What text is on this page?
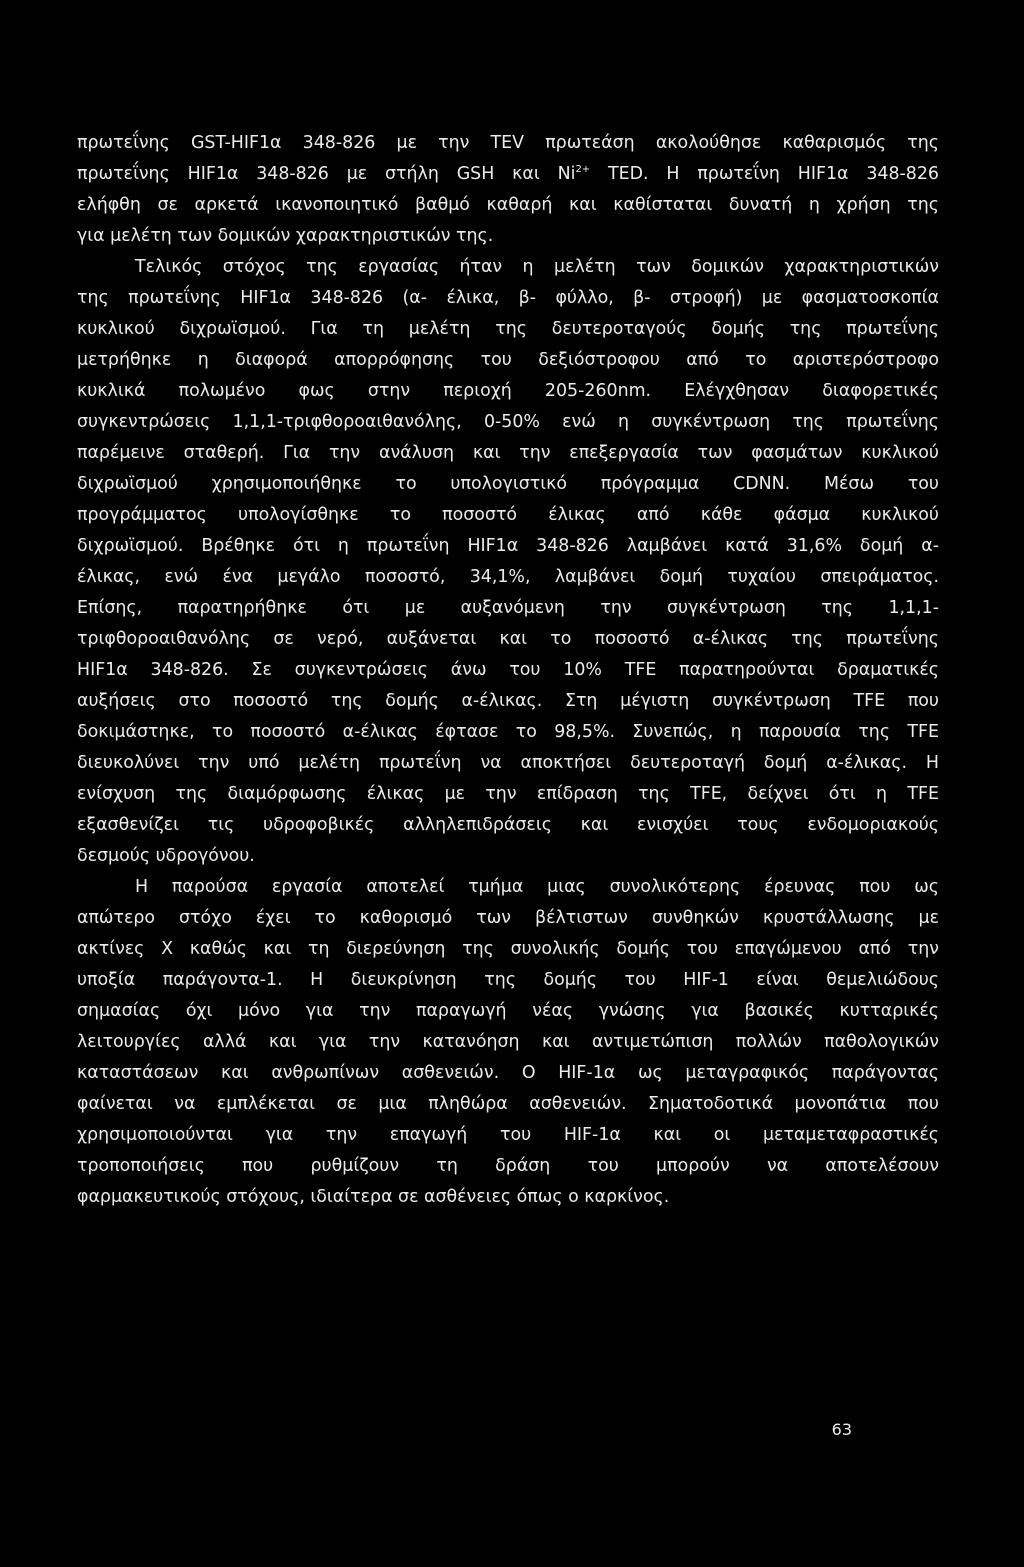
πρωτεΐνης GST-HIF1α 348-826 με την TEV πρωτεάση ακολούθησε καθαρισμός της
πρωτεΐνης HIF1α 348-826 με στήλη GSH και $Ni^{2+}$ TED. Η πρωτεΐνη HIF1α 348-826
ελήφθη σε αρκετά ικανοποιητικό βαθμό καθαρή και καθίσταται δυνατή η χρήση της
για μελέτη των δομικών χαρακτηριστικών της.
Τελικός στόχος της εργασίας ήταν η μελέτη των δομικών χαρακτηριστικών
της πρωτεΐνης HIF1α 348-826 (α- έλικα, β- φύλλο, β- στροφή) με φασματοσκοπία
κυκλικού διχρωϊσμού. Για τη μελέτη της δευτεροταγούς δομής της πρωτεΐνης
μετρήθηκε η διαφορά απορρόφησης του δεξιόστροφου από το αριστερόστροφο
κυκλικά πολωμένο φως στην περιοχή 205-260nm. Ελέγχθησαν διαφορετικές
συγκεντρώσεις 1,1,1-τριφθοροαιθανόλης, 0-50% ενώ η συγκέντρωση της πρωτεΐνης
παρέμεινε σταθερή. Για την ανάλυση και την επεξεργασία των φασμάτων κυκλικού
διχρωϊσμού χρησιμοποιήθηκε το υπολογιστικό πρόγραμμα CDNN. Μέσω του
προγράμματος υπολογίσθηκε το ποσοστό έλικας από κάθε φάσμα κυκλικού
διχρωϊσμού. Βρέθηκε ότι η πρωτεΐνη HIF1α 348-826 λαμβάνει κατά 31,6% δομή α-
έλικας, ενώ ένα μεγάλο ποσοστό, 34,1%, λαμβάνει δομή τυχαίου σπειράματος.
Επίσης, παρατηρήθηκε ότι με αυξανόμενη την συγκέντρωση της 1,1,1-
τριφθοροαιθανόλης σε νερό, αυξάνεται και το ποσοστό α-έλικας της πρωτεΐνης
HIF1α 348-826. Σε συγκεντρώσεις άνω του 10% TFE παρατηρούνται δραματικές
αυξήσεις στο ποσοστό της δομής α-έλικας. Στη μέγιστη συγκέντρωση TFE που
δοκιμάστηκε, το ποσοστό α-έλικας έφτασε το 98,5%. Συνεπώς, η παρουσία της TFE
διευκολύνει την υπό μελέτη πρωτεΐνη να αποκτήσει δευτεροταγή δομή α-έλικας. Η
ενίσχυση της διαμόρφωσης έλικας με την επίδραση της TFE, δείχνει ότι η TFE
εξασθενίζει τις υδροφοβικές αλληλεπιδράσεις και ενισχύει τους ενδομοριακούς
δεσμούς υδρογόνου.
Η παρούσα εργασία αποτελεί τμήμα μιας συνολικότερης έρευνας που ως
απώτερο στόχο έχει το καθορισμό των βέλτιστων συνθηκών κρυστάλλωσης με
ακτίνες Χ καθώς και τη διερεύνηση της συνολικής δομής του επαγώμενου από την
υποξία παράγοντα-1. Η διευκρίνηση της δομής του HIF-1 είναι θεμελιώδους
σημασίας όχι μόνο για την παραγωγή νέας γνώσης για βασικές κυτταρικές
λειτουργίες αλλά και για την κατανόηση και αντιμετώπιση πολλών παθολογικών
καταστάσεων και ανθρωπίνων ασθενειών. Ο HIF-1α ως μεταγραφικός παράγοντας
φαίνεται να εμπλέκεται σε μια πληθώρα ασθενειών. Σηματοδοτικά μονοπάτια που
χρησιμοποιούνται για την επαγωγή του HIF-1α και οι μεταμεταφραστικές
τροποποιήσεις που ρυθμίζουν τη δράση του μπορούν να αποτελέσουν
φαρμακευτικούς στόχους, ιδιαίτερα σε ασθένειες όπως ο καρκίνος.
63
